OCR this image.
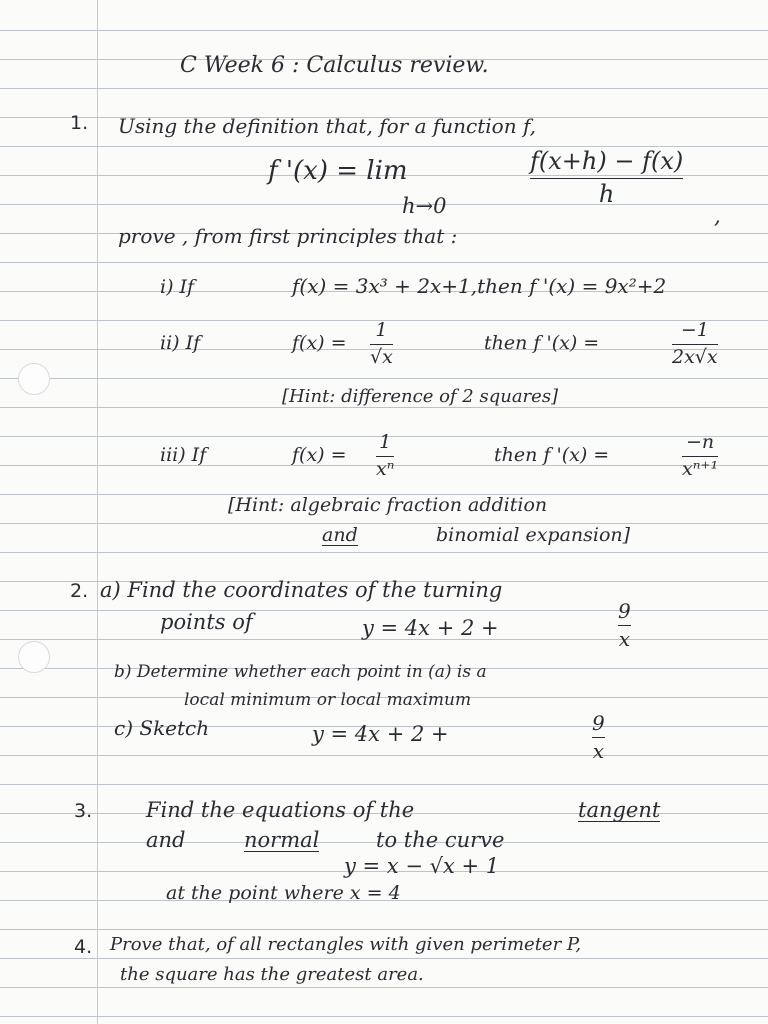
C Week 6 : Calculus review.
1. Using the definition that, for a function f,
f '(x) = lim
h→0
f(x+h) − f(x)
h
,
prove , from first principles that :
i) If	f(x) = 3x³ + 2x+1,then f '(x) = 9x²+2
ii) If	f(x) =
1
√x
then f '(x) =
−1
2x√x
[Hint: difference of 2 squares]
iii) If	f(x) =
1
xⁿ
then f '(x) =
−n
xⁿ⁺¹
[Hint: algebraic fraction addition
and	binomial expansion]
2. a) Find the coordinates of the turning
points of	y = 4x + 2 +
9
x
b) Determine whether each point in (a) is a
local minimum or local maximum
c) Sketch	y = 4x + 2 +	9
x
3.	Find the equations of the	tangent
and	normal	to the curve
y = x − √x + 1
at the point where x = 4
4. Prove that, of all rectangles with given perimeter P,
the square has the greatest area.
